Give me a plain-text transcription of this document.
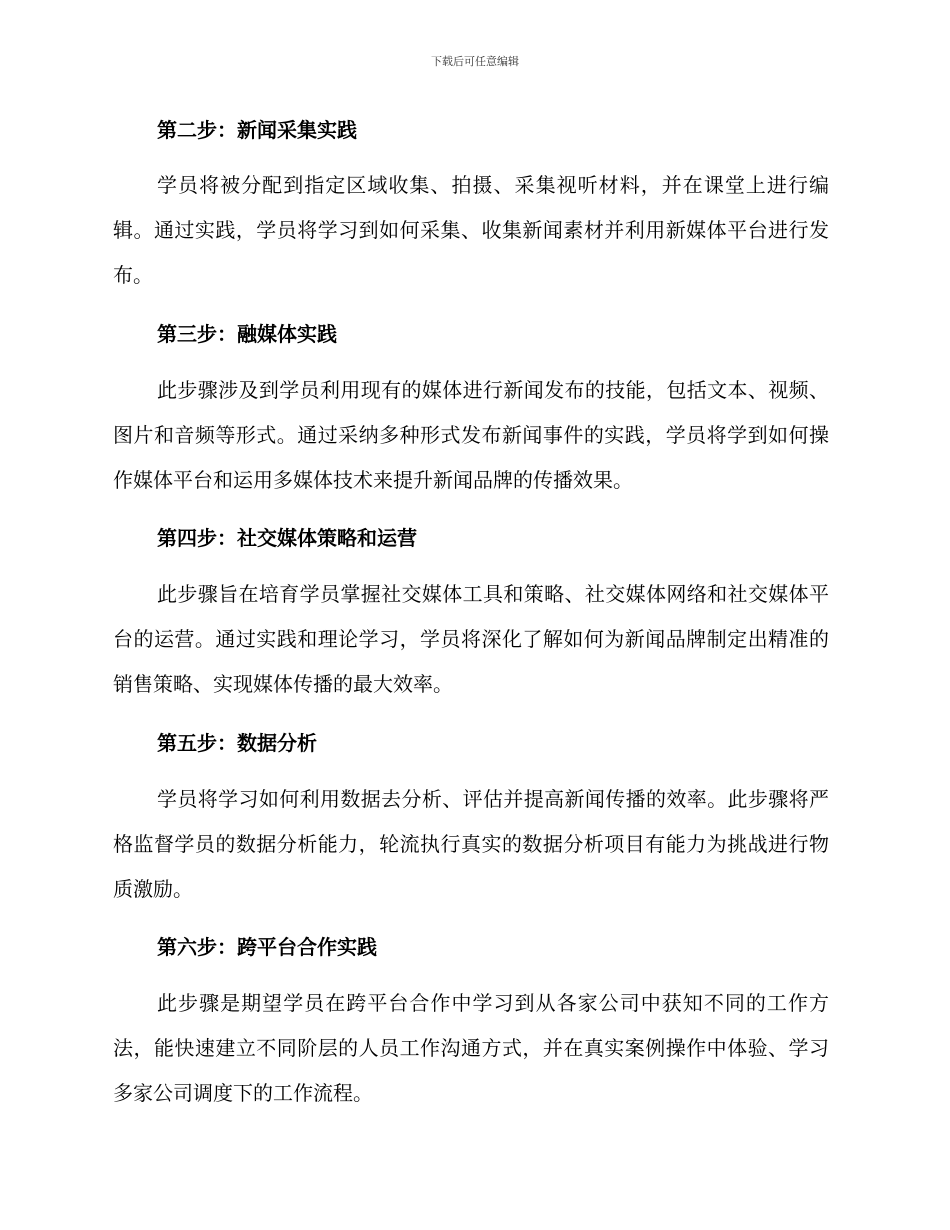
下载后可任意编辑
第二步：新闻采集实践

学员将被分配到指定区域收集、拍摄、采集视听材料，并在课堂上进行编辑。通过实践，学员将学习到如何采集、收集新闻素材并利用新媒体平台进行发布。

第三步：融媒体实践

此步骤涉及到学员利用现有的媒体进行新闻发布的技能，包括文本、视频、图片和音频等形式。通过采纳多种形式发布新闻事件的实践，学员将学到如何操作媒体平台和运用多媒体技术来提升新闻品牌的传播效果。

第四步：社交媒体策略和运营

此步骤旨在培育学员掌握社交媒体工具和策略、社交媒体网络和社交媒体平台的运营。通过实践和理论学习，学员将深化了解如何为新闻品牌制定出精准的销售策略、实现媒体传播的最大效率。

第五步：数据分析

学员将学习如何利用数据去分析、评估并提高新闻传播的效率。此步骤将严格监督学员的数据分析能力，轮流执行真实的数据分析项目有能力为挑战进行物质激励。

第六步：跨平台合作实践

此步骤是期望学员在跨平台合作中学习到从各家公司中获知不同的工作方法，能快速建立不同阶层的人员工作沟通方式，并在真实案例操作中体验、学习多家公司调度下的工作流程。
